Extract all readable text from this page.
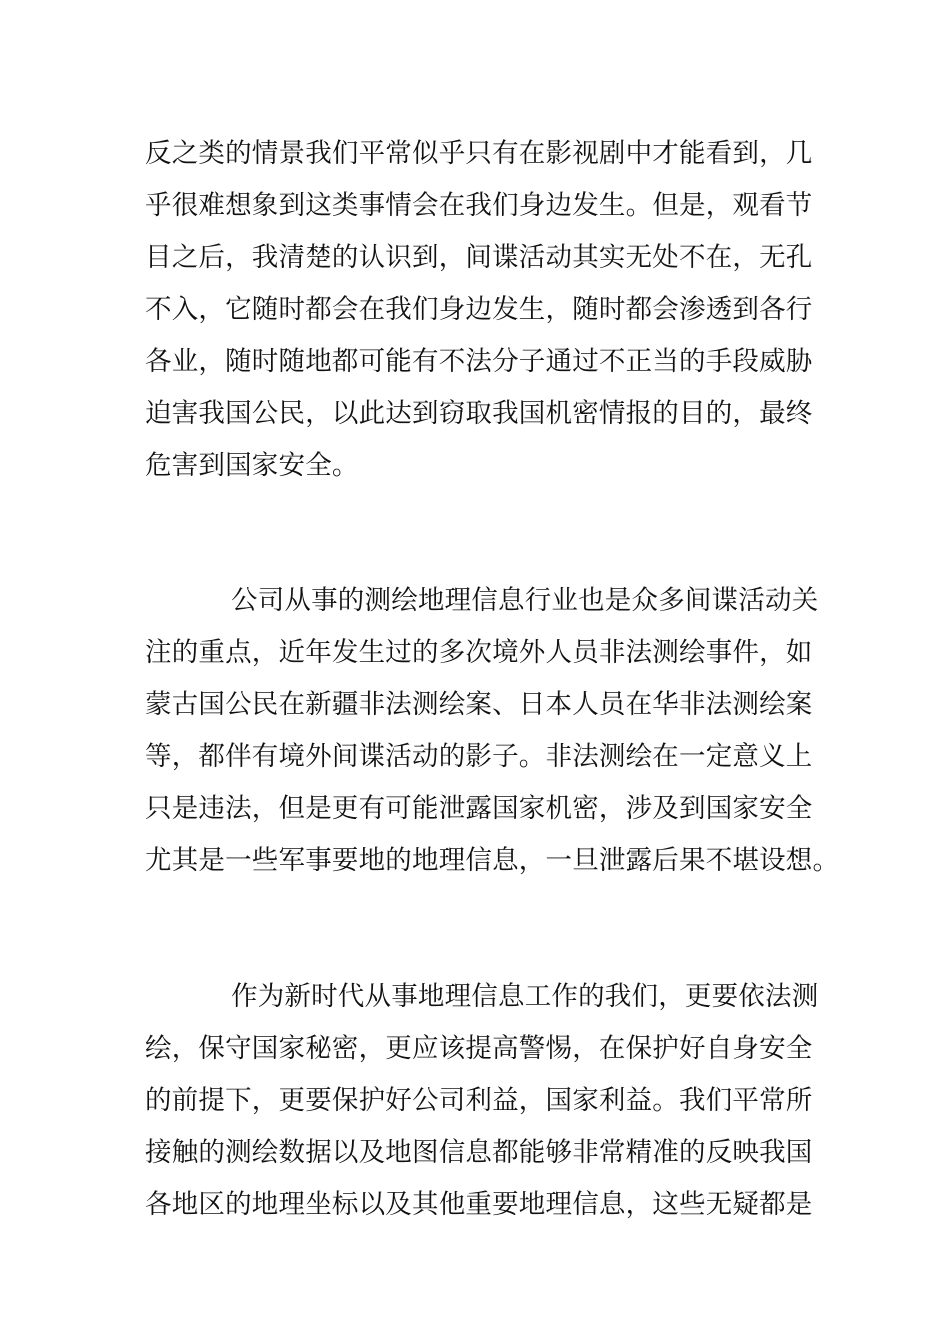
反之类的情景我们平常似乎只有在影视剧中才能看到，几
乎很难想象到这类事情会在我们身边发生。但是，观看节
目之后，我清楚的认识到，间谍活动其实无处不在，无孔
不入，它随时都会在我们身边发生，随时都会渗透到各行
各业，随时随地都可能有不法分子通过不正当的手段威胁
迫害我国公民，以此达到窃取我国机密情报的目的，最终
危害到国家安全。
公司从事的测绘地理信息行业也是众多间谍活动关
注的重点，近年发生过的多次境外人员非法测绘事件，如
蒙古国公民在新疆非法测绘案、日本人员在华非法测绘案
等，都伴有境外间谍活动的影子。非法测绘在一定意义上
只是违法，但是更有可能泄露国家机密，涉及到国家安全
尤其是一些军事要地的地理信息，一旦泄露后果不堪设想。
作为新时代从事地理信息工作的我们，更要依法测
绘，保守国家秘密，更应该提高警惕，在保护好自身安全
的前提下，更要保护好公司利益，国家利益。我们平常所
接触的测绘数据以及地图信息都能够非常精准的反映我国
各地区的地理坐标以及其他重要地理信息，这些无疑都是
